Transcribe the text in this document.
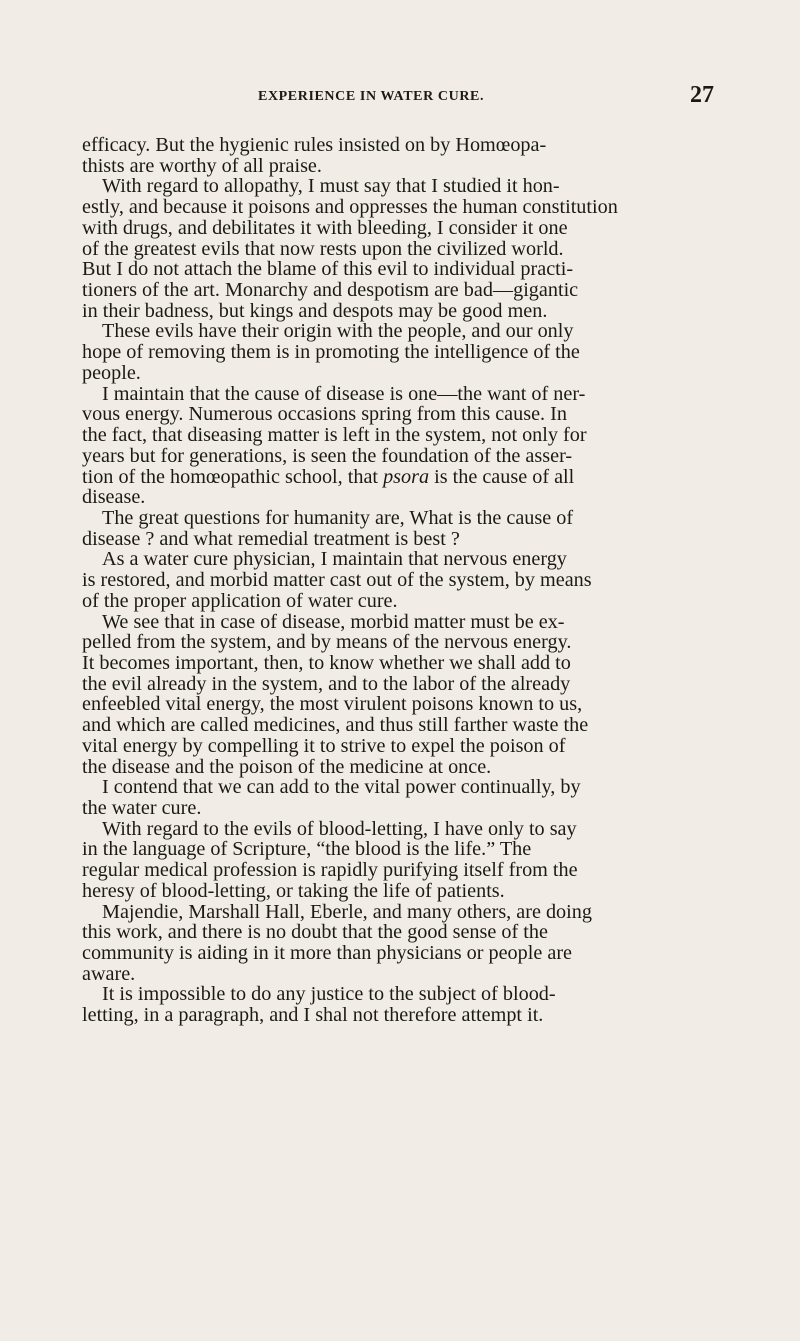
EXPERIENCE IN WATER CURE.	27
efficacy. But the hygienic rules insisted on by Homœopa-
thists are worthy of all praise.
With regard to allopathy, I must say that I studied it hon-
estly, and because it poisons and oppresses the human constitution
with drugs, and debilitates it with bleeding, I consider it one
of the greatest evils that now rests upon the civilized world.
But I do not attach the blame of this evil to individual practi-
tioners of the art. Monarchy and despotism are bad—gigantic
in their badness, but kings and despots may be good men.
These evils have their origin with the people, and our only
hope of removing them is in promoting the intelligence of the
people.
I maintain that the cause of disease is one—the want of ner-
vous energy. Numerous occasions spring from this cause. In
the fact, that diseasing matter is left in the system, not only for
years but for generations, is seen the foundation of the asser-
tion of the homœopathic school, that psora is the cause of all
disease.
The great questions for humanity are, What is the cause of
disease ? and what remedial treatment is best ?
As a water cure physician, I maintain that nervous energy
is restored, and morbid matter cast out of the system, by means
of the proper application of water cure.
We see that in case of disease, morbid matter must be ex-
pelled from the system, and by means of the nervous energy.
It becomes important, then, to know whether we shall add to
the evil already in the system, and to the labor of the already
enfeebled vital energy, the most virulent poisons known to us,
and which are called medicines, and thus still farther waste the
vital energy by compelling it to strive to expel the poison of
the disease and the poison of the medicine at once.
I contend that we can add to the vital power continually, by
the water cure.
With regard to the evils of blood-letting, I have only to say
in the language of Scripture, “the blood is the life.” The
regular medical profession is rapidly purifying itself from the
heresy of blood-letting, or taking the life of patients.
Majendie, Marshall Hall, Eberle, and many others, are doing
this work, and there is no doubt that the good sense of the
community is aiding in it more than physicians or people are
aware.
It is impossible to do any justice to the subject of blood-
letting, in a paragraph, and I shal not therefore attempt it.
